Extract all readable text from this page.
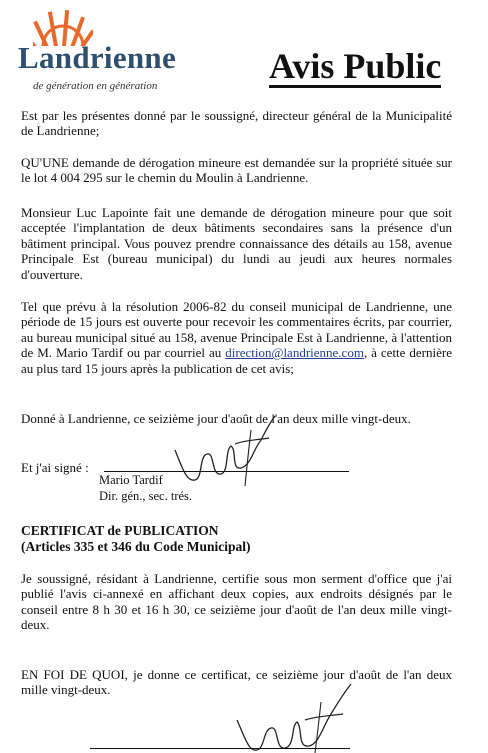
Landrienne
de génération en génération	Avis Public

Est par les présentes donné par le soussigné, directeur général de la Municipalité de Landrienne;

QU'UNE demande de dérogation mineure est demandée sur la propriété située sur le lot 4 004 295 sur le chemin du Moulin à Landrienne.

Monsieur Luc Lapointe fait une demande de dérogation mineure pour que soit acceptée l'implantation de deux bâtiments secondaires sans la présence d'un bâtiment principal. Vous pouvez prendre connaissance des détails au 158, avenue Principale Est (bureau municipal) du lundi au jeudi aux heures normales d'ouverture.

Tel que prévu à la résolution 2006-82 du conseil municipal de Landrienne, une période de 15 jours est ouverte pour recevoir les commentaires écrits, par courrier, au bureau municipal situé au 158, avenue Principale Est à Landrienne, à l'attention de M. Mario Tardif ou par courriel au direction@landrienne.com, à cette dernière au plus tard 15 jours après la publication de cet avis;

Donné à Landrienne, ce seizième jour d'août de l'an deux mille vingt-deux.

Et j'ai signé :
Mario Tardif
Dir. gén., sec. trés.
CERTIFICAT de PUBLICATION
(Articles 335 et 346 du Code Municipal)

Je soussigné, résidant à Landrienne, certifie sous mon serment d'office que j'ai publié l'avis ci-annexé en affichant deux copies, aux endroits désignés par le conseil entre 8 h 30 et 16 h 30, ce seizième jour d'août de l'an deux mille vingt-deux.

EN FOI DE QUOI, je donne ce certificat, ce seizième jour d'août de l'an deux mille vingt-deux.
